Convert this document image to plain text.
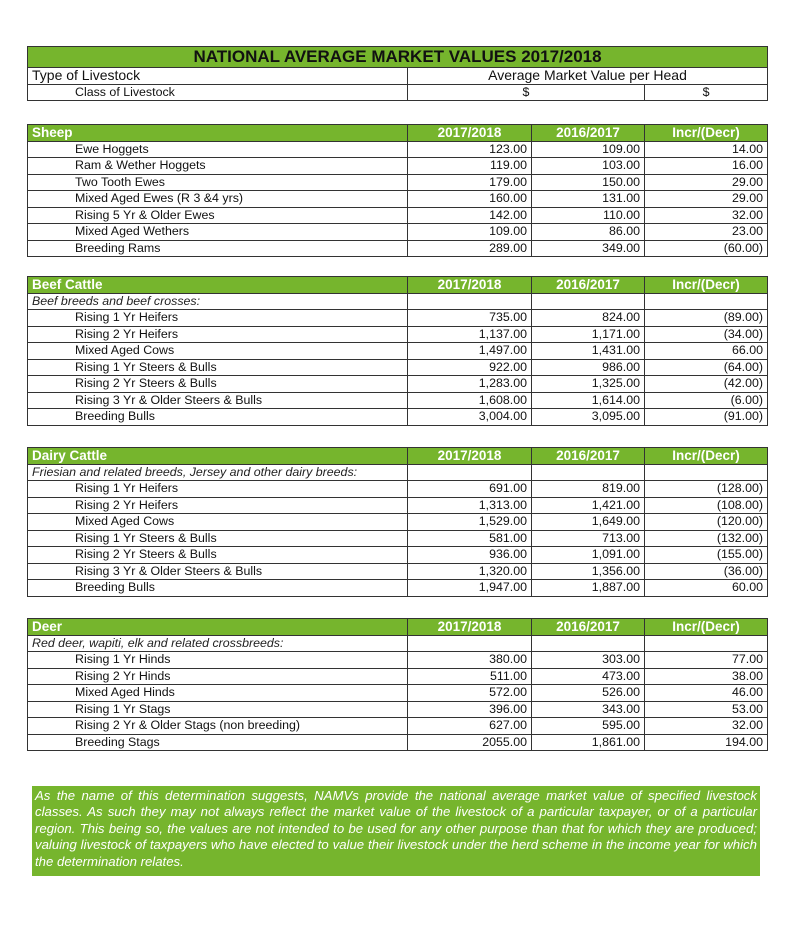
NATIONAL AVERAGE MARKET VALUES 2017/2018		
Type of Livestock	Average Market Value per Head	
Class of Livestock	$	$
Sheep	2017/2018	2016/2017	Incr/(Decr)
Ewe Hoggets	123.00	109.00	14.00
Ram & Wether Hoggets	119.00	103.00	16.00
Two Tooth Ewes	179.00	150.00	29.00
Mixed Aged Ewes (R 3 &4 yrs)	160.00	131.00	29.00
Rising 5 Yr & Older Ewes	142.00	110.00	32.00
Mixed Aged Wethers	109.00	86.00	23.00
Breeding Rams	289.00	349.00	(60.00)
Beef Cattle	2017/2018	2016/2017	Incr/(Decr)
Beef breeds and beef crosses:			
Rising 1 Yr Heifers	735.00	824.00	(89.00)
Rising 2 Yr Heifers	1,137.00	1,171.00	(34.00)
Mixed Aged Cows	1,497.00	1,431.00	66.00
Rising 1 Yr Steers & Bulls	922.00	986.00	(64.00)
Rising 2 Yr Steers & Bulls	1,283.00	1,325.00	(42.00)
Rising 3 Yr & Older Steers & Bulls	1,608.00	1,614.00	(6.00)
Breeding Bulls	3,004.00	3,095.00	(91.00)
Dairy Cattle	2017/2018	2016/2017	Incr/(Decr)
Friesian and related breeds, Jersey and other dairy breeds:			
Rising 1 Yr Heifers	691.00	819.00	(128.00)
Rising 2 Yr Heifers	1,313.00	1,421.00	(108.00)
Mixed Aged Cows	1,529.00	1,649.00	(120.00)
Rising 1 Yr Steers & Bulls	581.00	713.00	(132.00)
Rising 2 Yr Steers & Bulls	936.00	1,091.00	(155.00)
Rising 3 Yr & Older Steers & Bulls	1,320.00	1,356.00	(36.00)
Breeding Bulls	1,947.00	1,887.00	60.00
Deer	2017/2018	2016/2017	Incr/(Decr)
Red deer, wapiti, elk and related crossbreeds:			
Rising 1 Yr Hinds	380.00	303.00	77.00
Rising 2 Yr Hinds	511.00	473.00	38.00
Mixed Aged Hinds	572.00	526.00	46.00
Rising 1 Yr Stags	396.00	343.00	53.00
Rising 2 Yr & Older Stags (non breeding)	627.00	595.00	32.00
Breeding Stags	2055.00	1,861.00	194.00
As the name of this determination suggests, NAMVs provide the national average market value of specified livestock classes. As such they may not always reflect the market value of the livestock of a particular taxpayer, or of a particular region. This being so, the values are not intended to be used for any other purpose than that for which they are produced; valuing livestock of taxpayers who have elected to value their livestock under the herd scheme in the income year for which the determination relates.
